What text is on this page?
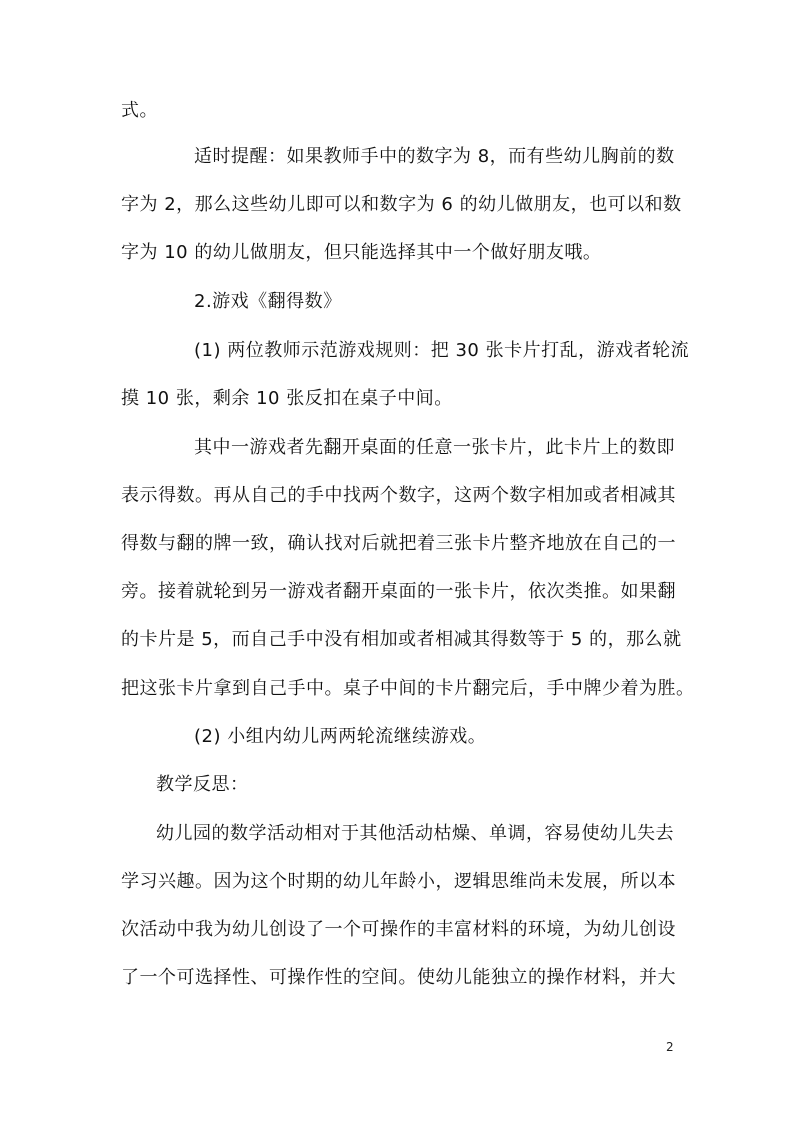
式。
适时提醒：如果教师手中的数字为 8，而有些幼儿胸前的数
字为 2，那么这些幼儿即可以和数字为 6 的幼儿做朋友，也可以和数
字为 10 的幼儿做朋友，但只能选择其中一个做好朋友哦。
2.游戏《翻得数》
(1) 两位教师示范游戏规则：把 30 张卡片打乱，游戏者轮流
摸 10 张，剩余 10 张反扣在桌子中间。
其中一游戏者先翻开桌面的任意一张卡片，此卡片上的数即
表示得数。再从自己的手中找两个数字，这两个数字相加或者相减其
得数与翻的牌一致，确认找对后就把着三张卡片整齐地放在自己的一
旁。接着就轮到另一游戏者翻开桌面的一张卡片，依次类推。如果翻
的卡片是 5，而自己手中没有相加或者相减其得数等于 5 的，那么就
把这张卡片拿到自己手中。桌子中间的卡片翻完后，手中牌少着为胜。
(2) 小组内幼儿两两轮流继续游戏。
教学反思：
幼儿园的数学活动相对于其他活动枯燥、单调，容易使幼儿失去
学习兴趣。因为这个时期的幼儿年龄小，逻辑思维尚未发展，所以本
次活动中我为幼儿创设了一个可操作的丰富材料的环境，为幼儿创设
了一个可选择性、可操作性的空间。使幼儿能独立的操作材料，并大
2
